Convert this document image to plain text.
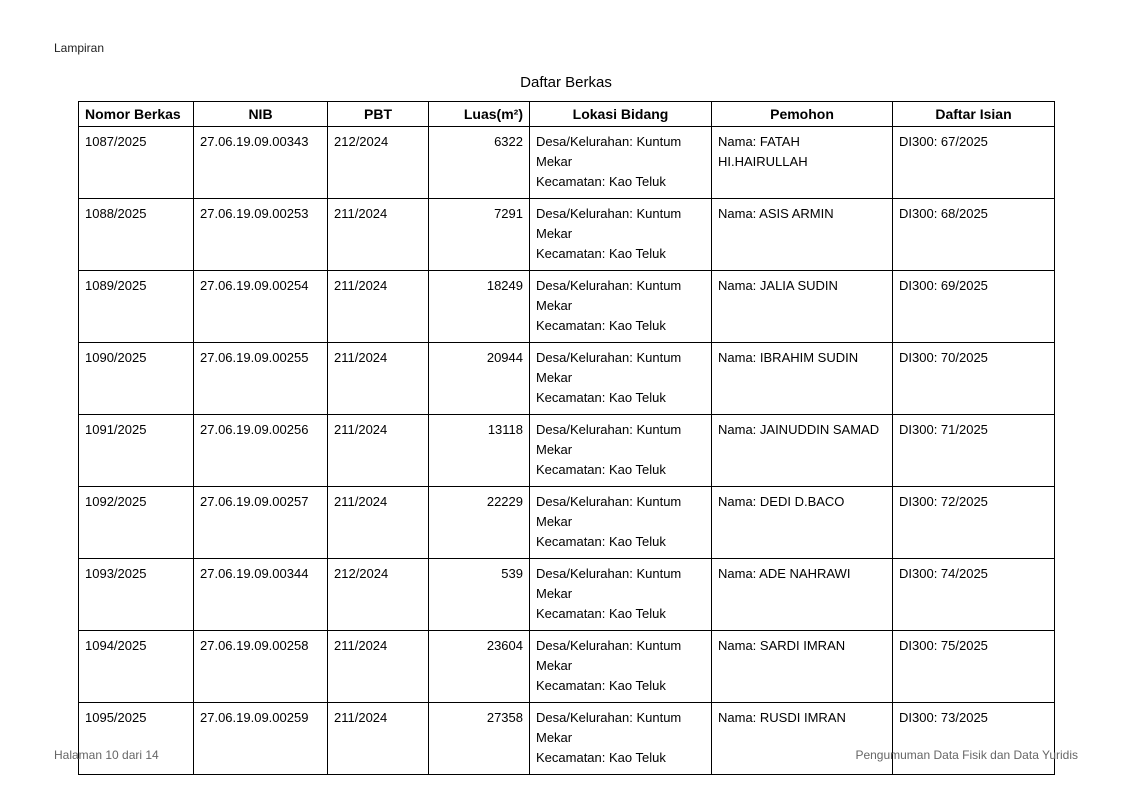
Lampiran
Daftar Berkas
Nomor Berkas	NIB	PBT	Luas(m²)	Lokasi Bidang	Pemohon	Daftar Isian
1087/2025	27.06.19.09.00343	212/2024	6322	Desa/Kelurahan: Kuntum
Mekar
Kecamatan: Kao Teluk	Nama: FATAH HI.HAIRULLAH	DI300: 67/2025
1088/2025	27.06.19.09.00253	211/2024	7291	Desa/Kelurahan: Kuntum
Mekar
Kecamatan: Kao Teluk	Nama: ASIS ARMIN	DI300: 68/2025
1089/2025	27.06.19.09.00254	211/2024	18249	Desa/Kelurahan: Kuntum
Mekar
Kecamatan: Kao Teluk	Nama: JALIA SUDIN	DI300: 69/2025
1090/2025	27.06.19.09.00255	211/2024	20944	Desa/Kelurahan: Kuntum
Mekar
Kecamatan: Kao Teluk	Nama: IBRAHIM SUDIN	DI300: 70/2025
1091/2025	27.06.19.09.00256	211/2024	13118	Desa/Kelurahan: Kuntum
Mekar
Kecamatan: Kao Teluk	Nama: JAINUDDIN SAMAD	DI300: 71/2025
1092/2025	27.06.19.09.00257	211/2024	22229	Desa/Kelurahan: Kuntum
Mekar
Kecamatan: Kao Teluk	Nama: DEDI D.BACO	DI300: 72/2025
1093/2025	27.06.19.09.00344	212/2024	539	Desa/Kelurahan: Kuntum
Mekar
Kecamatan: Kao Teluk	Nama: ADE NAHRAWI	DI300: 74/2025
1094/2025	27.06.19.09.00258	211/2024	23604	Desa/Kelurahan: Kuntum
Mekar
Kecamatan: Kao Teluk	Nama: SARDI IMRAN	DI300: 75/2025
1095/2025	27.06.19.09.00259	211/2024	27358	Desa/Kelurahan: Kuntum
Mekar
Kecamatan: Kao Teluk	Nama: RUSDI IMRAN	DI300: 73/2025
Halaman 10 dari 14	Pengumuman Data Fisik dan Data Yuridis
